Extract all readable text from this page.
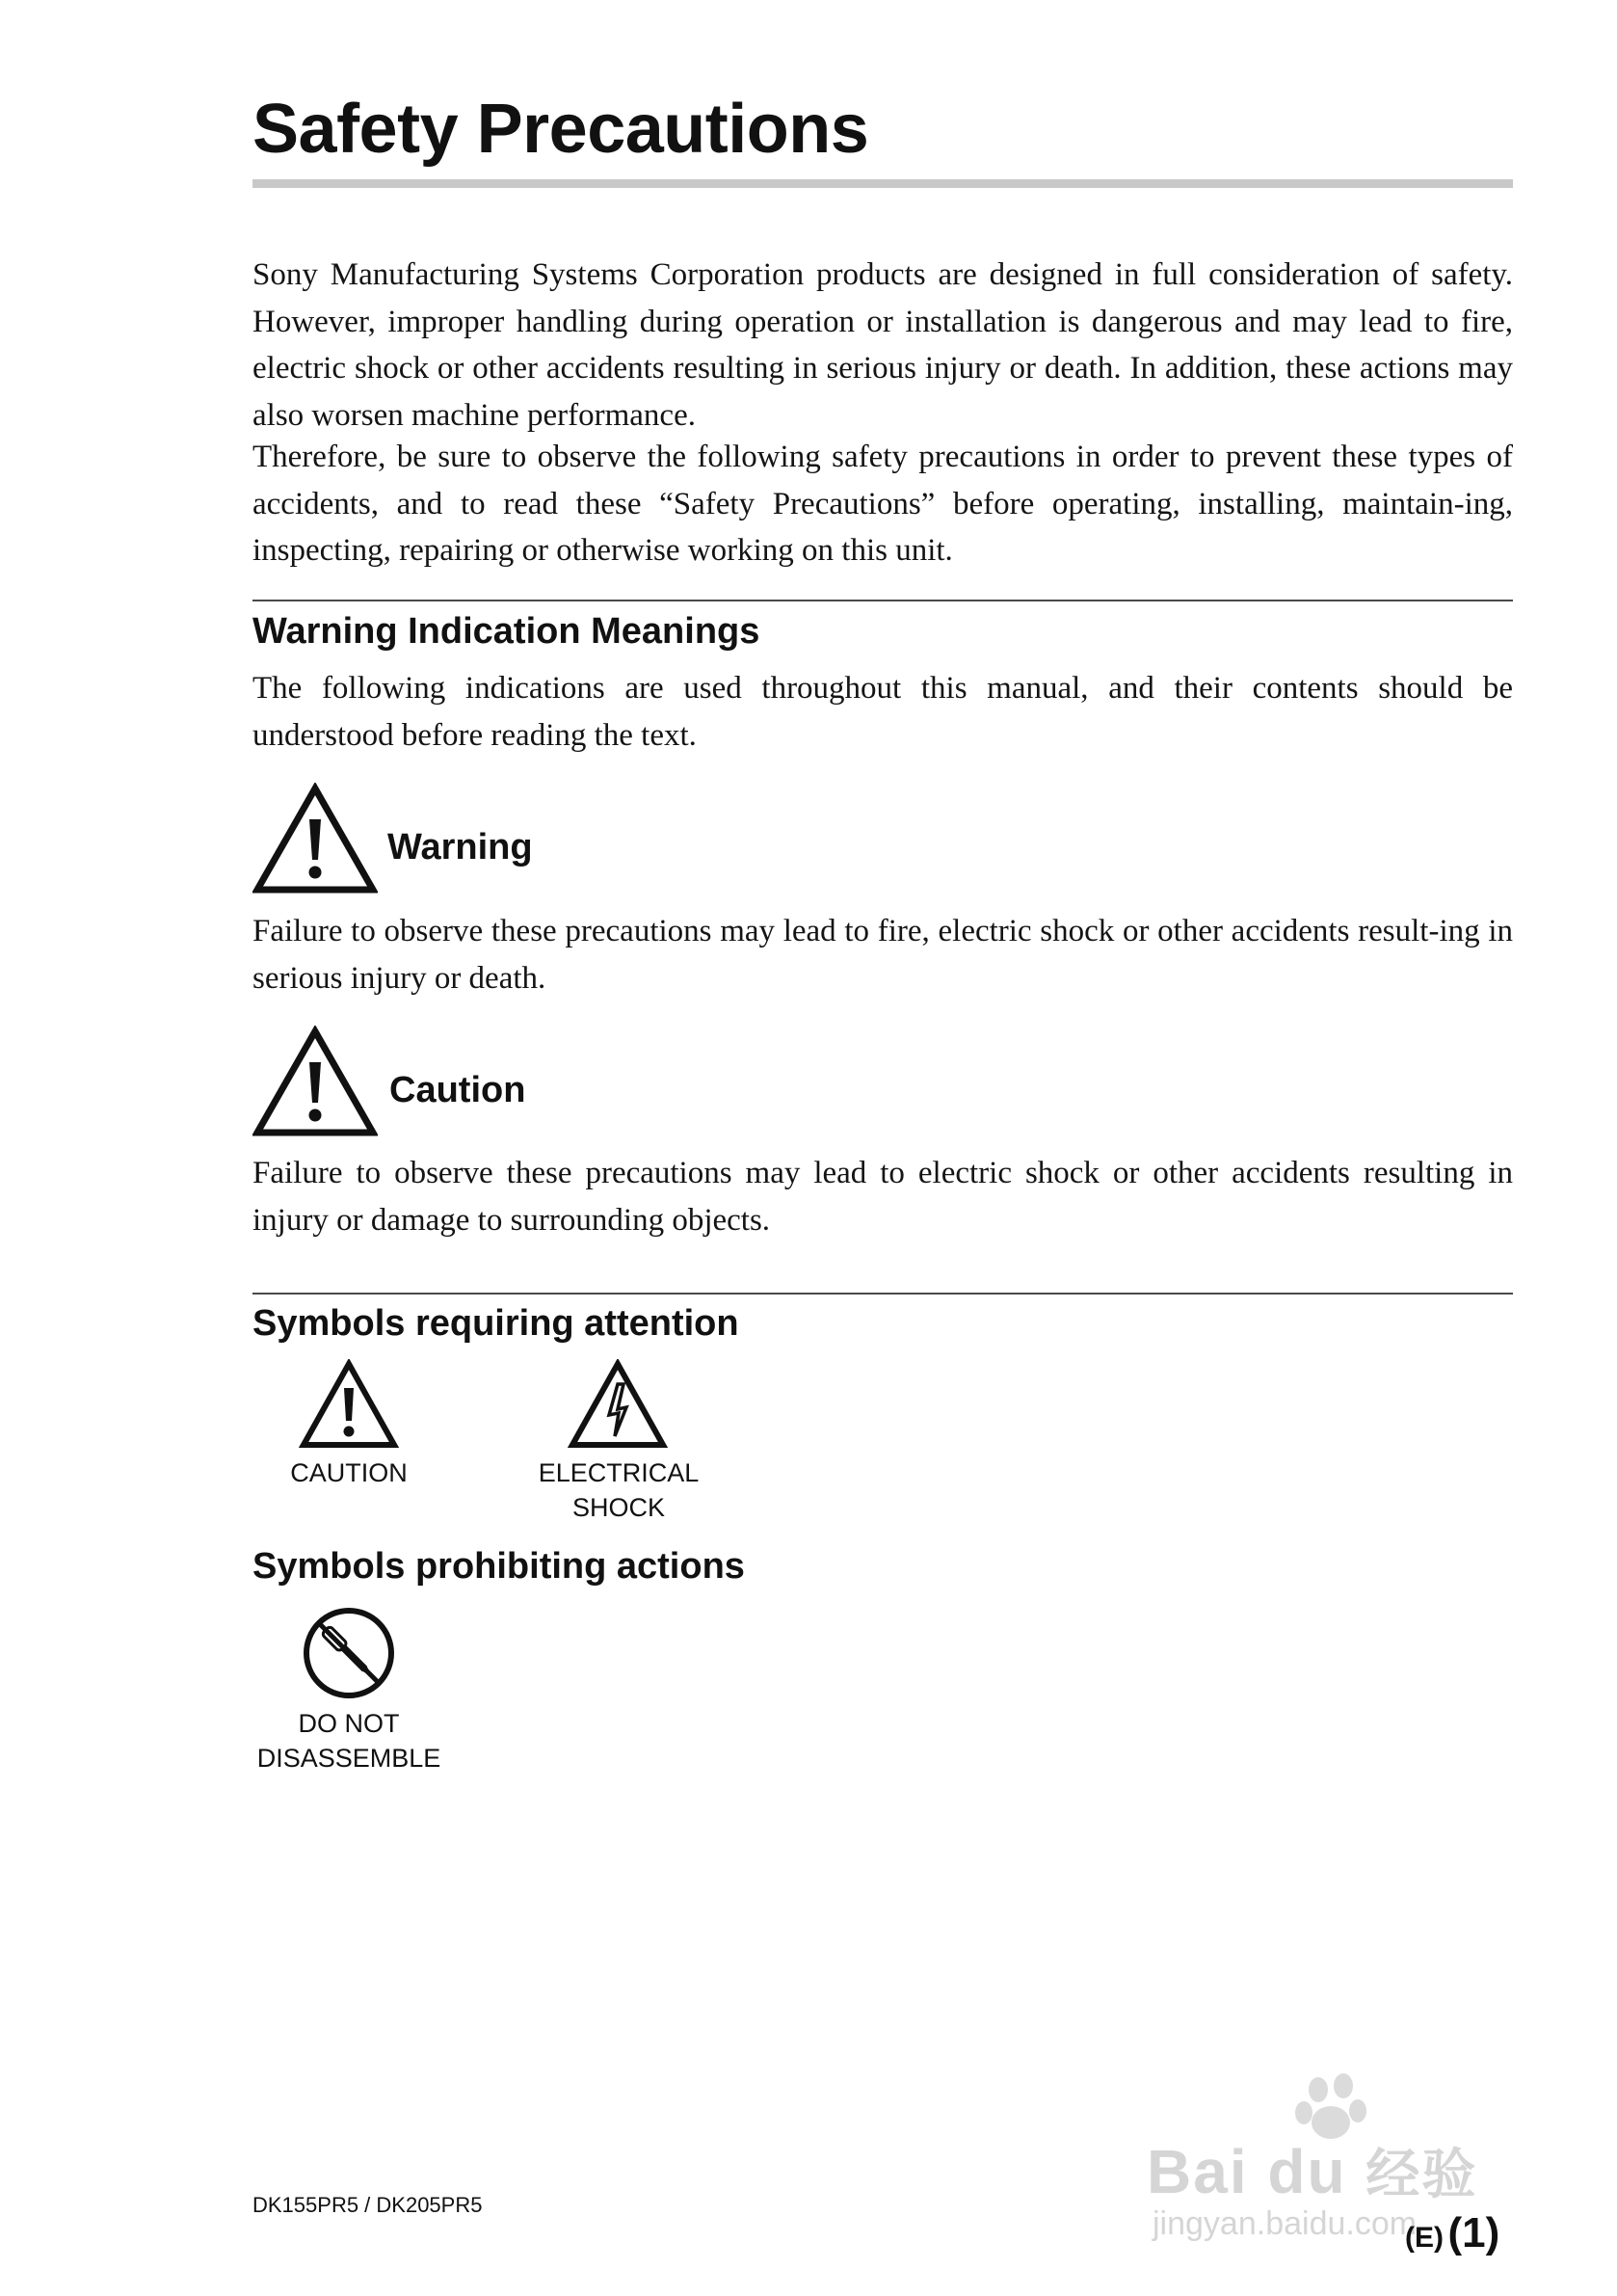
Safety Precautions

Sony Manufacturing Systems Corporation products are designed in full consideration of safety. However, improper handling during operation or installation is dangerous and may lead to fire, electric shock or other accidents resulting in serious injury or death. In addition, these actions may also worsen machine performance.

Therefore, be sure to observe the following safety precautions in order to prevent these types of accidents, and to read these “Safety Precautions” before operating, installing, maintain-ing, inspecting, repairing or otherwise working on this unit.

Warning Indication Meanings

The following indications are used throughout this manual, and their contents should be understood before reading the text.

Warning

Failure to observe these precautions may lead to fire, electric shock or other accidents result-ing in serious injury or death.

Caution

Failure to observe these precautions may lead to electric shock or other accidents resulting in injury or damage to surrounding objects.

Symbols requiring attention
CAUTION	ELECTRICAL
SHOCK
Symbols prohibiting actions
DO NOT
DISASSEMBLE
Bai du 经验
jingyan.baidu.com
DK155PR5 / DK205PR5
(E) (1)
